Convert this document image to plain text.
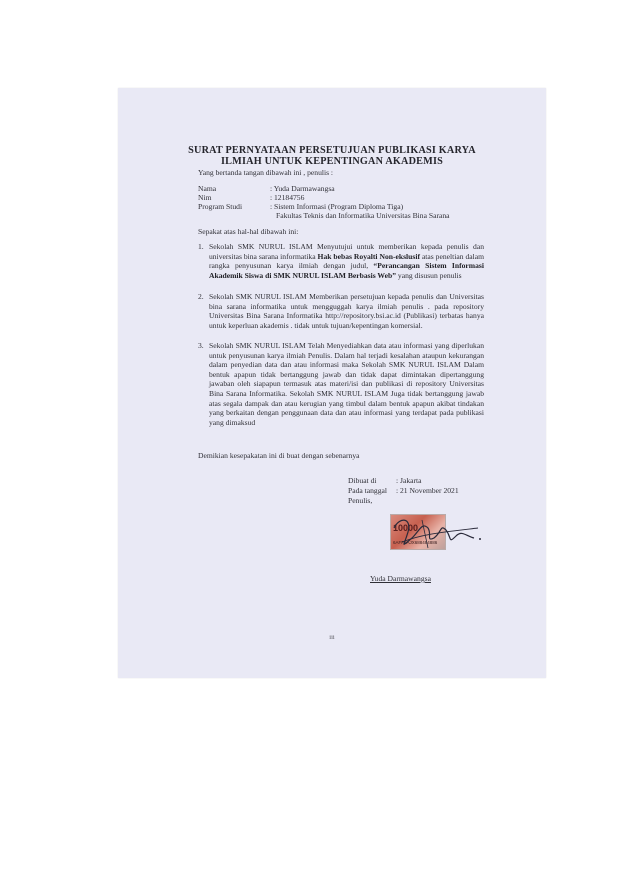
SURAT PERNYATAAN PERSETUJUAN PUBLIKASI KARYA
ILMIAH UNTUK KEPENTINGAN AKADEMIS
Yang bertanda tangan dibawah ini , penulis :
Nama	: Yuda Darmawangsa
Nim	: 12184756
Program Studi	: Sistem Informasi (Program Diploma Tiga)
Fakultas Teknis dan Informatika Universitas Bina Sarana
Sepakat atas hal-hal dibawah ini:
1. Sekolah SMK NURUL ISLAM Menyutujui untuk memberikan kepada penulis dan universitas bina sarana informatika Hak bebas Royalti Non-ekslusif atas peneltian dalam rangka penyusunan karya ilmiah dengan judul, “Perancangan Sistem Informasi Akademik Siswa di SMK NURUL ISLAM Berbasis Web” yang disusun penulis
2. Sekolah SMK NURUL ISLAM Memberikan persetujuan kepada penulis dan Universitas bina sarana informatika untuk mengguggah karya ilmiah penulis . pada repository Universitas Bina Sarana Informatika http://repository.bsi.ac.id (Publikasi) terbatas hanya untuk keperluan akademis . tidak untuk tujuan/kepentingan komersial.
3. Sekolah SMK NURUL ISLAM Telah Menyediahkan data atau informasi yang diperlukan untuk penyusunan karya ilmiah Penulis. Dalam hal terjadi kesalahan ataupun kekurangan dalam penyedian data dan atau informasi maka Sekolah SMK NURUL ISLAM Dalam bentuk apapun tidak bertanggung jawab dan tidak dapat dimintakan dipertanggung jawaban oleh siapapun termasuk atas materi/isi dan publikasi di repository Universitas Bina Sarana Informatika. Sekolah SMK NURUL ISLAM Juga tidak bertanggung jawab atas segala dampak dan atau kerugian yang timbul dalam bentuk apapun akibat tindakan yang berkaitan dengan penggunaan data dan atau informasi yang terdapat pada publikasi yang dimaksud
Demikian kesepakatan ini di buat dengan sebenarnya
Dibuat di	: Jakarta
Pada tanggal : 21 November 2021
Penulis,
10000
6AFF5AJX688484886
Yuda Darmawangsa
iii
